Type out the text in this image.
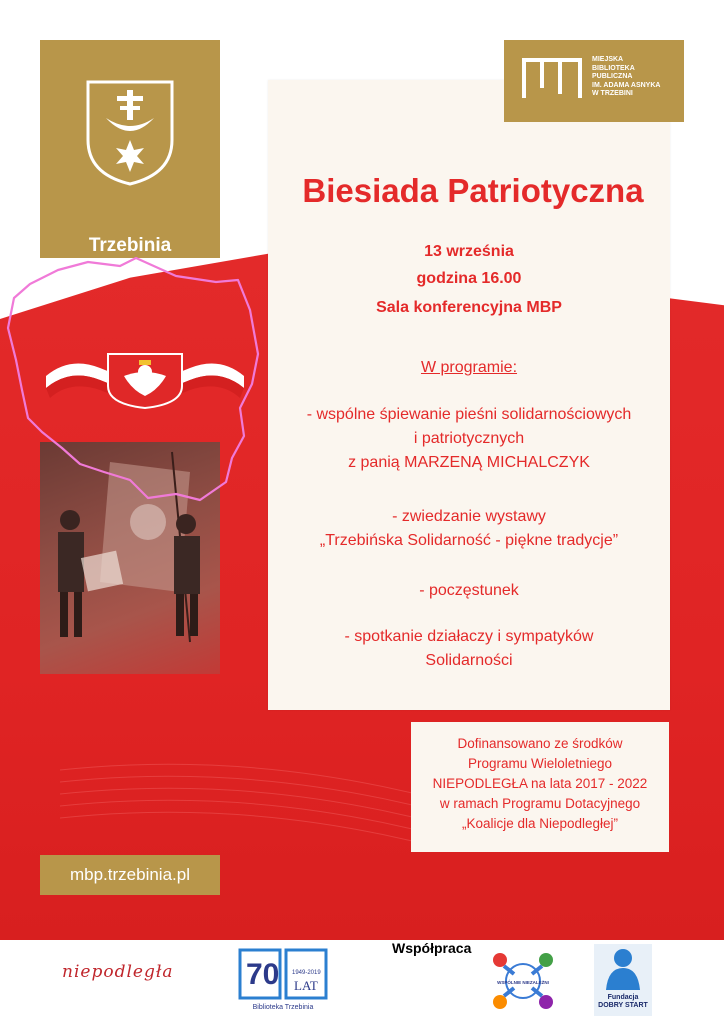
Trzebinia
MIEJSKA
BIBLIOTEKA
PUBLICZNA
IM. ADAMA ASNYKA
W TRZEBINI
Biesiada Patriotyczna
13 września
godzina 16.00
Sala konferencyjna MBP
W programie:
- wspólne śpiewanie pieśni solidarnościowych
i patriotycznych
z panią MARZENĄ MICHALCZYK
- zwiedzanie wystawy
„Trzebińska Solidarność - piękne tradycje”
- poczęstunek
- spotkanie działaczy i sympatyków
Solidarności
Dofinansowano ze środków
Programu Wieloletniego
NIEPODLEGŁA na lata 2017 - 2022
w ramach Programu Dotacyjnego
„Koalicje dla Niepodległej”
mbp.trzebinia.pl
niepodległa 70 1949-2019
LAT
Biblioteka Trzebinia
Współpraca
WSPÓLNIE NIEZALEŻNI
Fundacja
DOBRY START
